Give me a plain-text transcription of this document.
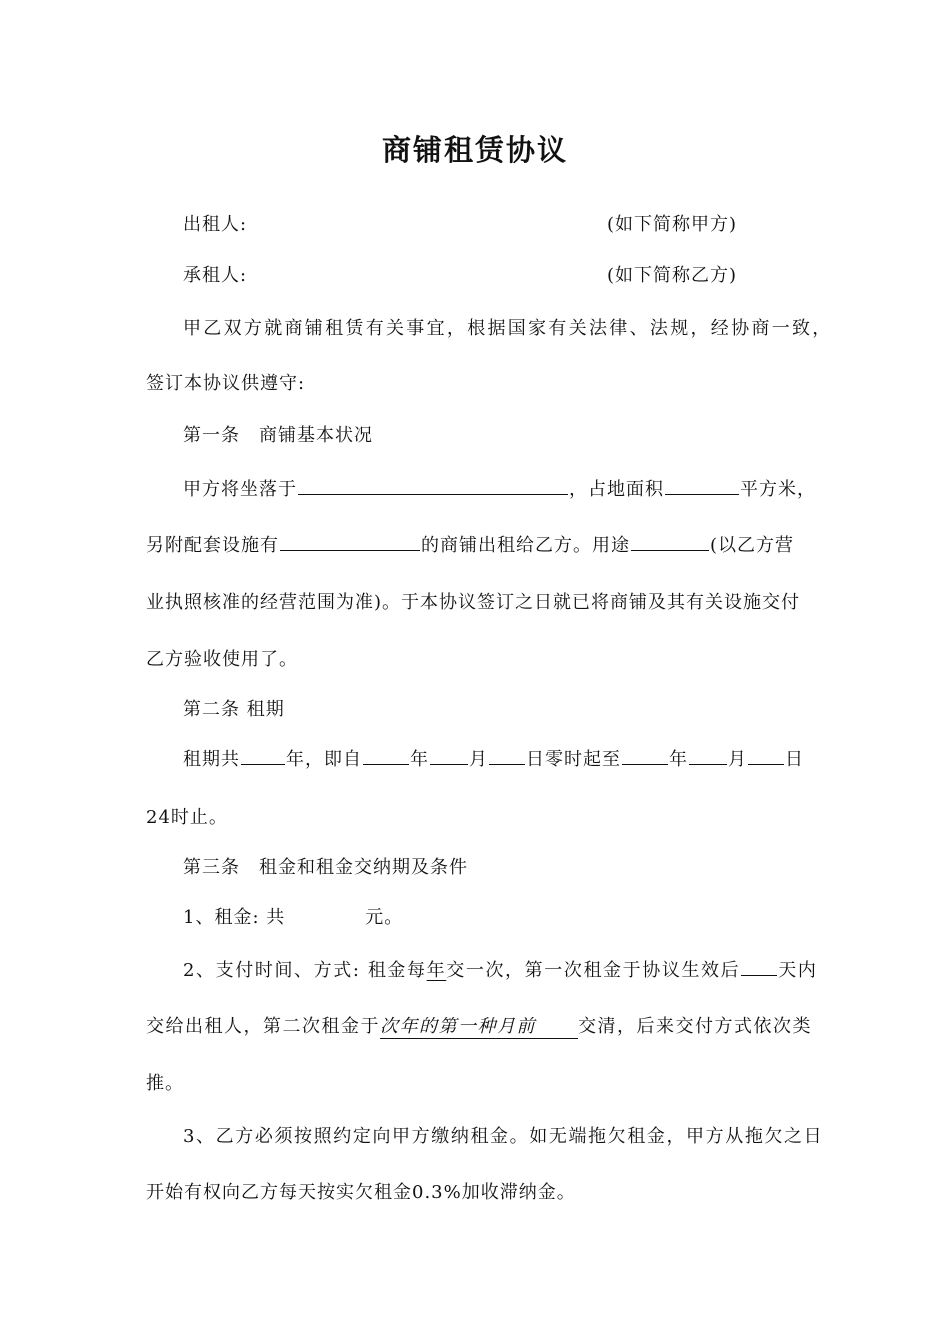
商铺租赁协议
出租人:	(如下简称甲方)
承租人:	(如下简称乙方)
甲乙双方就商铺租赁有关事宜，根据国家有关法律、法规，经协商一致，
签订本协议供遵守:
第一条　商铺基本状况
甲方将坐落于	，占地面积	平方米，
另附配套设施有	的商铺出租给乙方。用途	(以乙方营
业执照核准的经营范围为准)。于本协议签订之日就已将商铺及其有关设施交付
乙方验收使用了。
第二条 租期
租期共	年，即自	年 月 日零时起至	年 月 日
24时止。
第三条　租金和租金交纳期及条件
1、租金: 共	元。
2、支付时间、方式: 租金每年交一次，第一次租金于协议生效后 天内
交给出租人，第二次租金于次年的第一种月前 交清，后来交付方式依次类
推。
3、乙方必须按照约定向甲方缴纳租金。如无端拖欠租金，甲方从拖欠之日
开始有权向乙方每天按实欠租金0.3%加收滞纳金。
